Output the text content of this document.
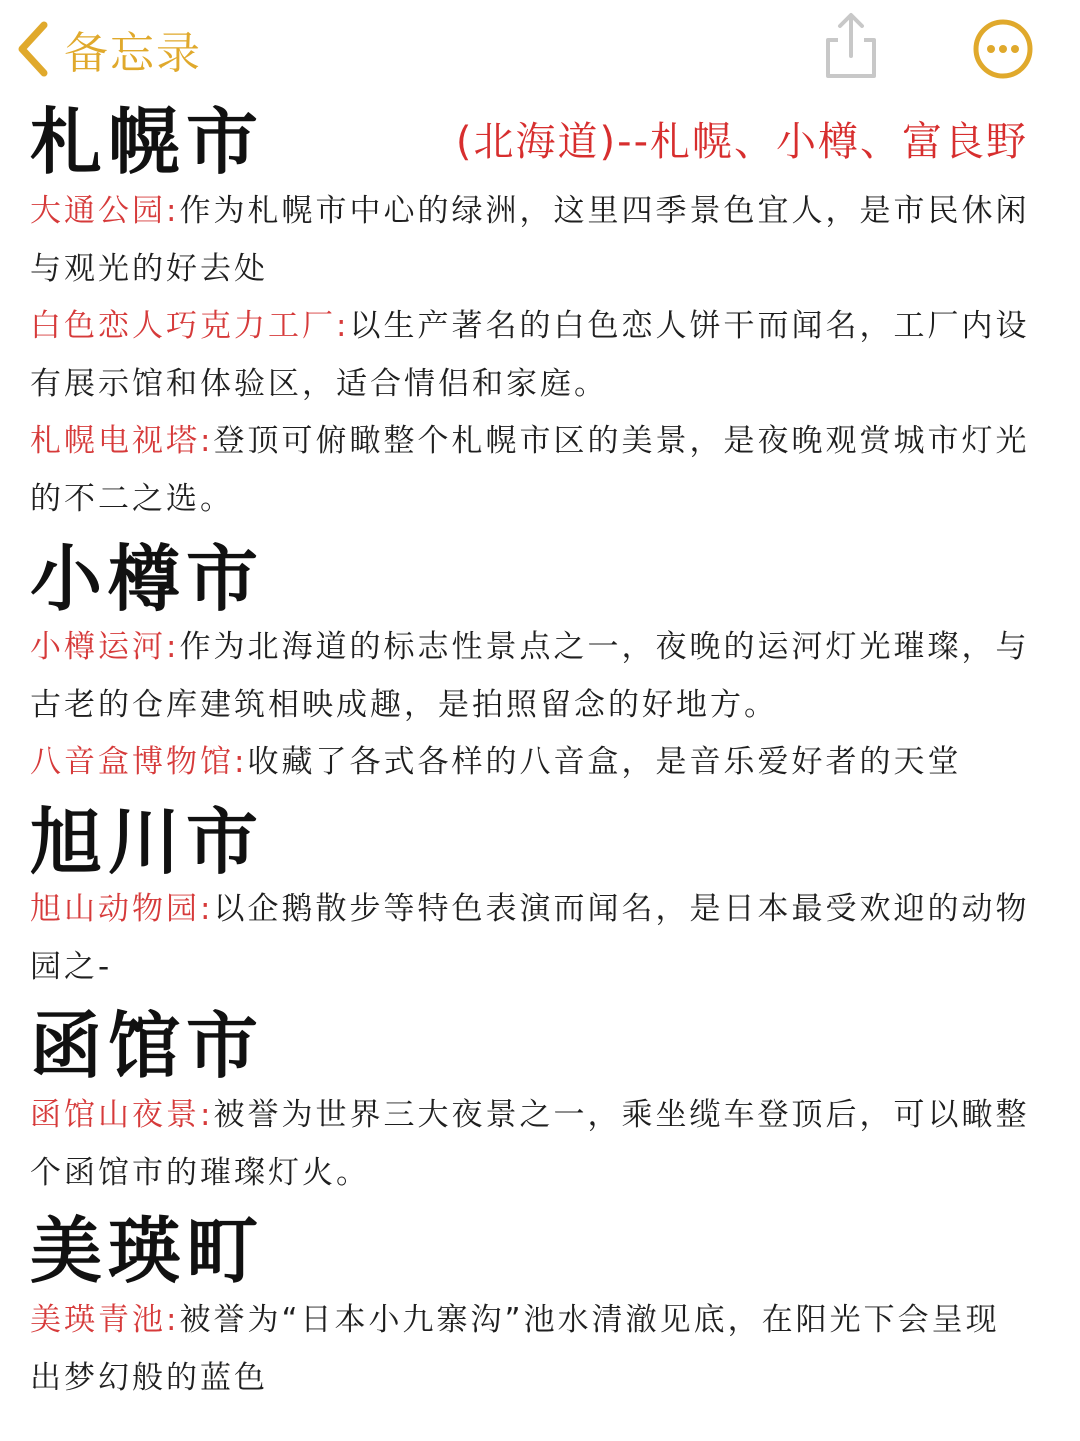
备忘录
札幌市	(北海道)--札幌、小樽、富良野
大通公园:作为札幌市中心的绿洲，这里四季景色宜人，是市民休闲与观光的好去处
白色恋人巧克力工厂:以生产著名的白色恋人饼干而闻名，工厂内设有展示馆和体验区，适合情侣和家庭。
札幌电视塔:登顶可俯瞰整个札幌市区的美景，是夜晚观赏城市灯光的不二之选。
小樽市
小樽运河:作为北海道的标志性景点之一，夜晚的运河灯光璀璨，与古老的仓库建筑相映成趣，是拍照留念的好地方。
八音盒博物馆:收藏了各式各样的八音盒，是音乐爱好者的天堂
旭川市
旭山动物园:以企鹅散步等特色表演而闻名，是日本最受欢迎的动物园之-
函馆市
函馆山夜景:被誉为世界三大夜景之一，乘坐缆车登顶后，可以瞰整个函馆市的璀璨灯火。
美瑛町
美瑛青池:被誉为“日本小九寨沟”池水清澈见底，在阳光下会呈现出梦幻般的蓝色
